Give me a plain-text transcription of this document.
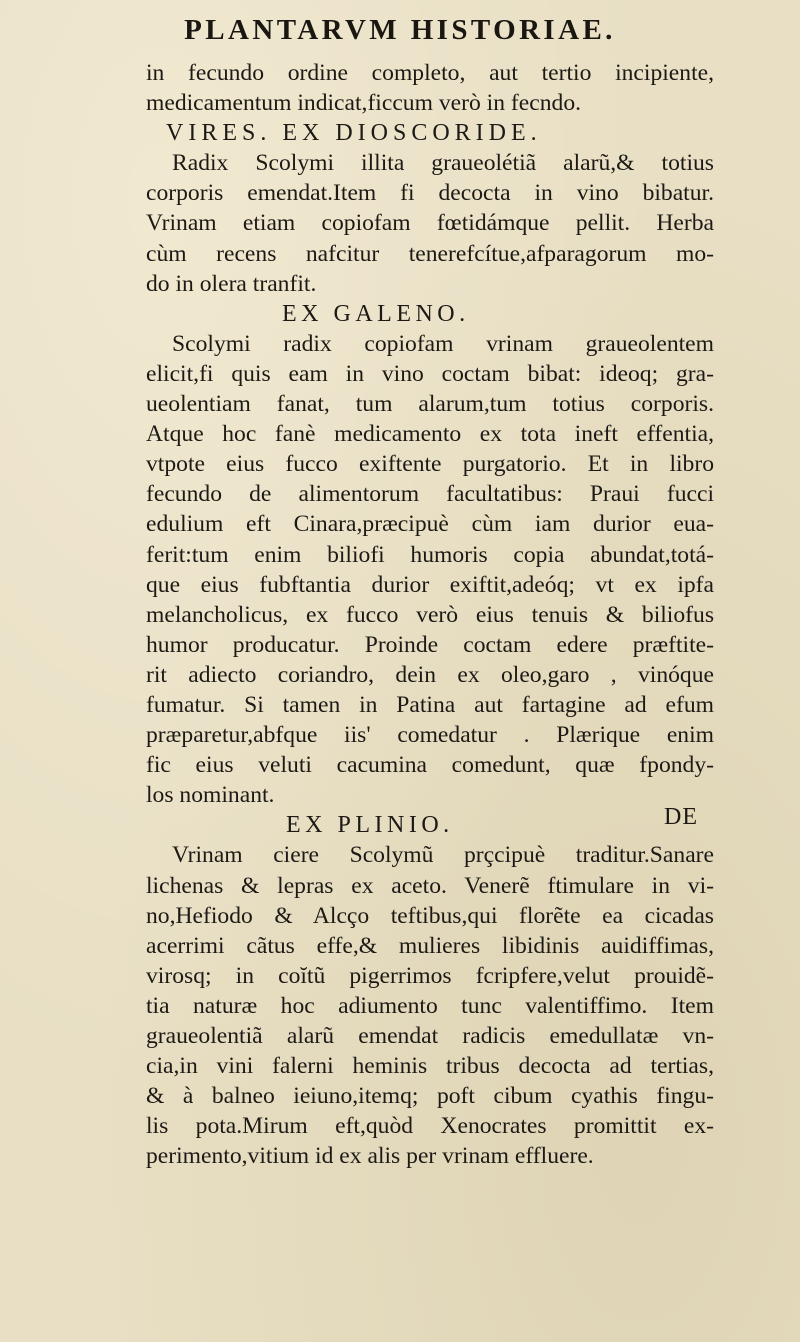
PLANTARVM HISTORIAE.
in fecundo ordine completo, aut tertio incipiente,
medicamentum indicat,ficcum verò in fecndo.
VIRES. EX DIOSCORIDE.
Radix Scolymi illita graueolétiã alarũ,& totius
corporis emendat.Item fi decocta in vino bibatur.
Vrinam etiam copiofam fœtidámque pellit. Herba
cùm recens nafcitur tenerefcítue,afparagorum mo-
do in olera tranfit.
EX GALENO.
Scolymi radix copiofam vrinam graueolentem
elicit,fi quis eam in vino coctam bibat: ideoq; gra-
ueolentiam fanat, tum alarum,tum totius corporis.
Atque hoc fanè medicamento ex tota ineft effentia,
vtpote eius fucco exiftente purgatorio. Et in libro
fecundo de alimentorum facultatibus: Praui fucci
edulium eft Cinara,præcipuè cùm iam durior eua-
ferit:tum enim biliofi humoris copia abundat,totá-
que eius fubftantia durior exiftit,adeóq; vt ex ipfa
melancholicus, ex fucco verò eius tenuis & biliofus
humor producatur. Proinde coctam edere præftite-
rit adiecto coriandro, dein ex oleo,garo , vinóque
fumatur. Si tamen in Patina aut fartagine ad efum
præparetur,abfque iis' comedatur . Plærique enim
fic eius veluti cacumina comedunt, quæ fpondy-
los nominant.
EX PLINIO.
Vrinam ciere Scolymũ prçcipuè traditur.Sanare
lichenas & lepras ex aceto. Venerẽ ftimulare in vi-
no,Hefiodo & Alcço teftibus,qui florẽte ea cicadas
acerrimi cãtus effe,& mulieres libidinis auidiffimas,
virosq; in coĭtũ pigerrimos fcripfere,velut prouidẽ-
tia naturæ hoc adiumento tunc valentiffimo. Item
graueolentiã alarũ emendat radicis emedullatæ vn-
cia,in vini falerni heminis tribus decocta ad tertias,
& à balneo ieiuno,itemq; poft cibum cyathis fingu-
lis pota.Mirum eft,quòd Xenocrates promittit ex-
perimento,vitium id ex alis per vrinam effluere.
DE
